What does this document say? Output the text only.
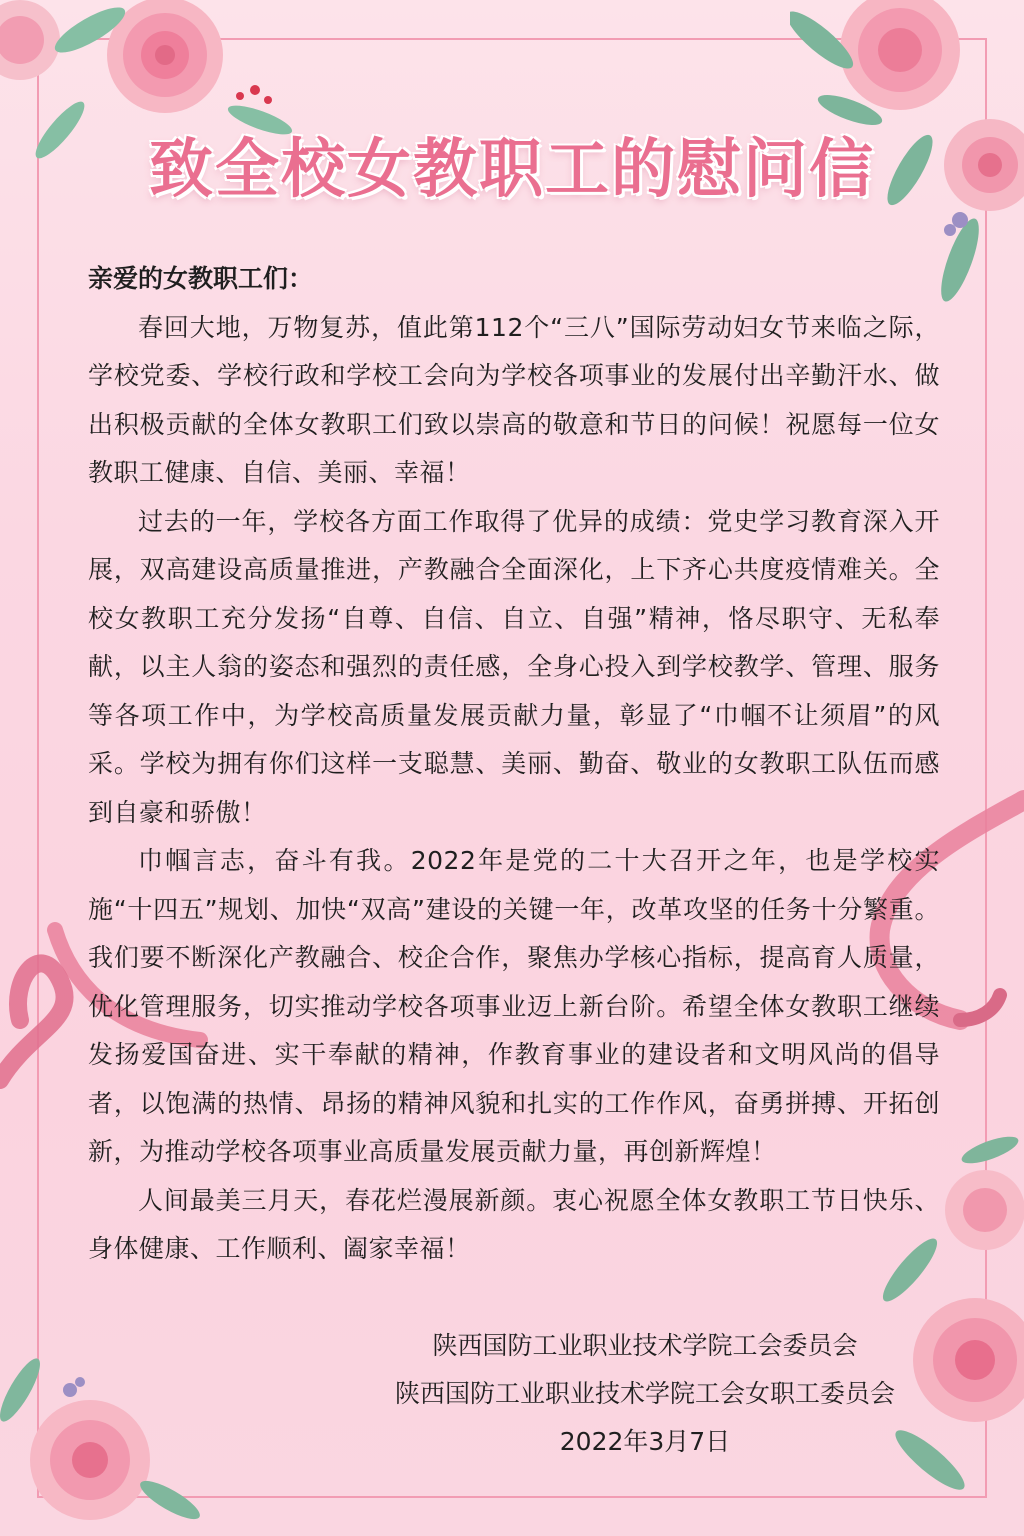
致全校女教职工的慰问信

亲爱的女教职工们：

春回大地，万物复苏，值此第112个“三八”国际劳动妇女节来临之际，学校党委、学校行政和学校工会向为学校各项事业的发展付出辛勤汗水、做出积极贡献的全体女教职工们致以崇高的敬意和节日的问候！祝愿每一位女教职工健康、自信、美丽、幸福！

过去的一年，学校各方面工作取得了优异的成绩：党史学习教育深入开展，双高建设高质量推进，产教融合全面深化，上下齐心共度疫情难关。全校女教职工充分发扬“自尊、自信、自立、自强”精神，恪尽职守、无私奉献，以主人翁的姿态和强烈的责任感，全身心投入到学校教学、管理、服务等各项工作中，为学校高质量发展贡献力量，彰显了“巾帼不让须眉”的风采。学校为拥有你们这样一支聪慧、美丽、勤奋、敬业的女教职工队伍而感到自豪和骄傲！

巾帼言志，奋斗有我。2022年是党的二十大召开之年，也是学校实施“十四五”规划、加快“双高”建设的关键一年，改革攻坚的任务十分繁重。我们要不断深化产教融合、校企合作，聚焦办学核心指标，提高育人质量，优化管理服务，切实推动学校各项事业迈上新台阶。希望全体女教职工继续发扬爱国奋进、实干奉献的精神，作教育事业的建设者和文明风尚的倡导者，以饱满的热情、昂扬的精神风貌和扎实的工作作风，奋勇拼搏、开拓创新，为推动学校各项事业高质量发展贡献力量，再创新辉煌！

人间最美三月天，春花烂漫展新颜。衷心祝愿全体女教职工节日快乐、身体健康、工作顺利、阖家幸福！

陕西国防工业职业技术学院工会委员会
陕西国防工业职业技术学院工会女职工委员会
2022年3月7日
